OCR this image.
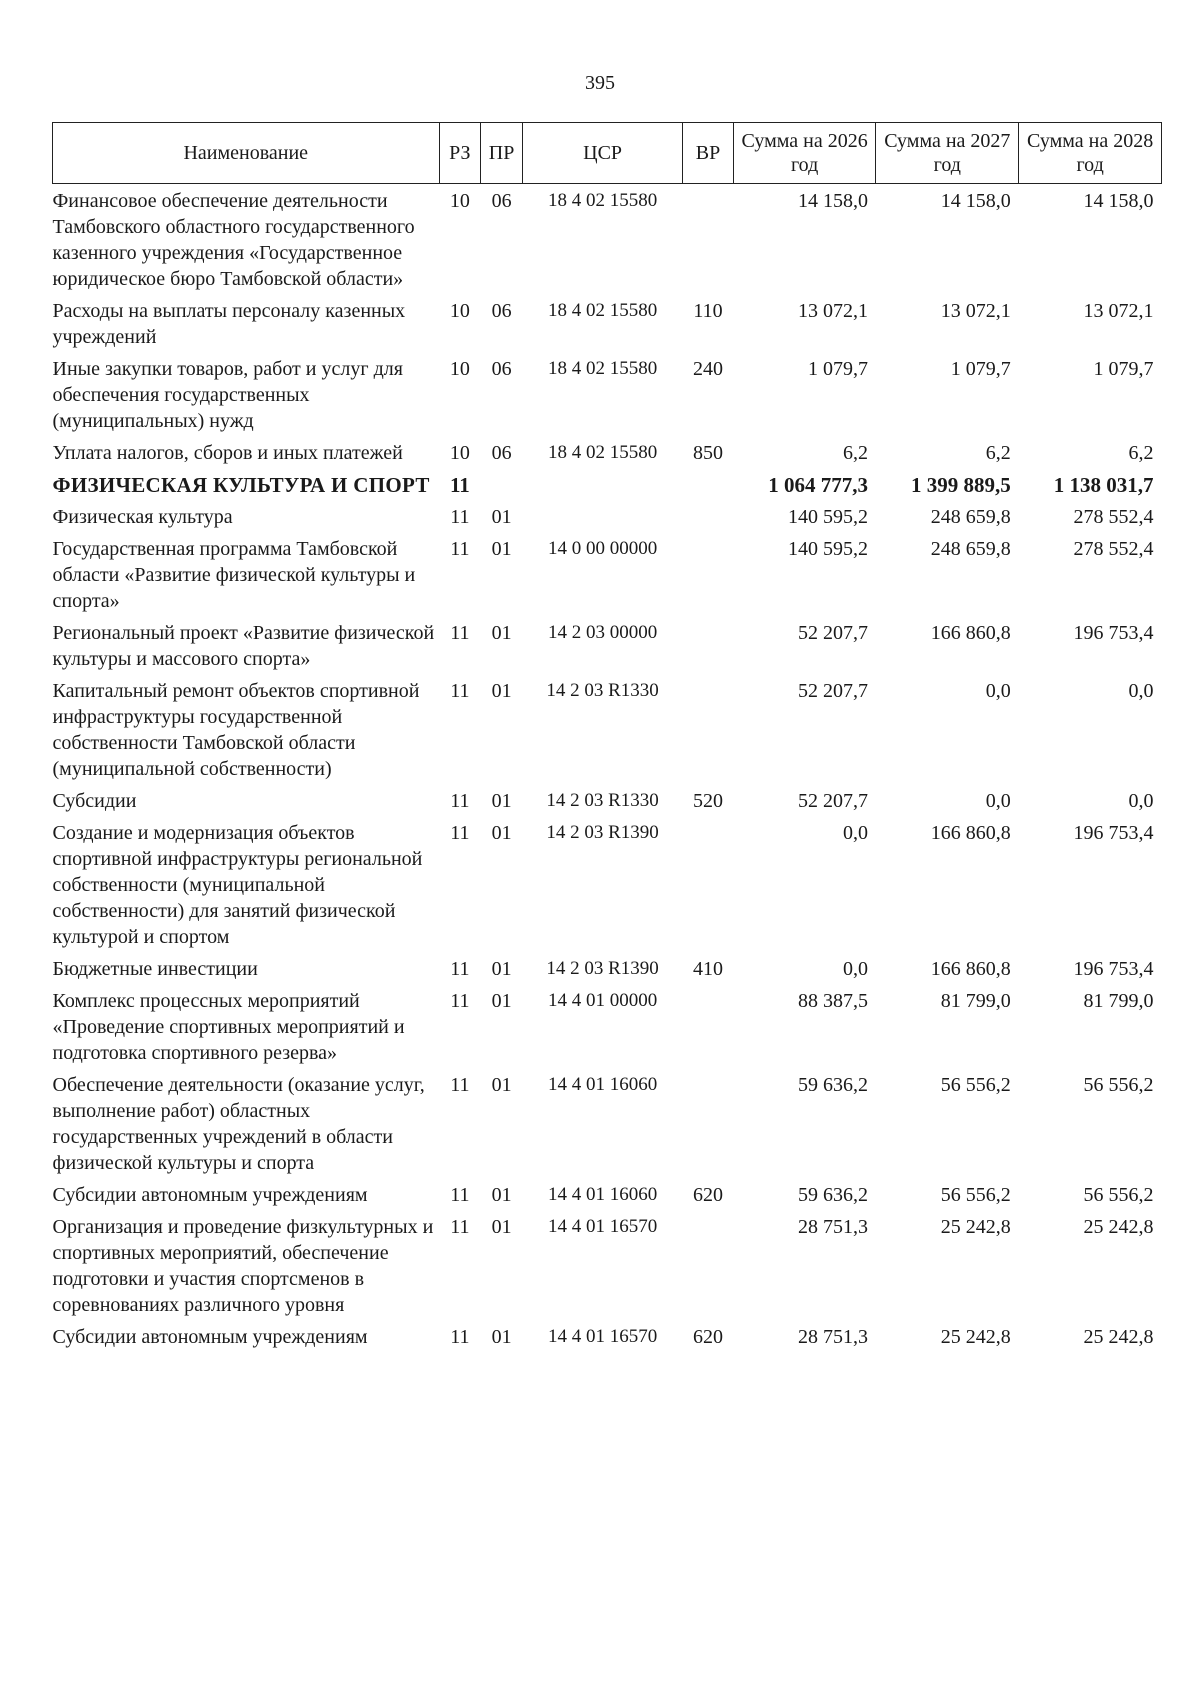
395
Наименование	РЗ	ПР	ЦСР	ВР	Сумма на 2026 год	Сумма на 2027 год	Сумма на 2028 год
Финансовое обеспечение деятельности Тамбовского областного государственного казенного учреждения «Государственное юридическое бюро Тамбовской области»	10	06	18 4 02 15580		14 158,0	14 158,0	14 158,0
Расходы на выплаты персоналу казенных учреждений	10	06	18 4 02 15580	110	13 072,1	13 072,1	13 072,1
Иные закупки товаров, работ и услуг для обеспечения государственных (муниципальных) нужд	10	06	18 4 02 15580	240	1 079,7	1 079,7	1 079,7
Уплата налогов, сборов и иных платежей	10	06	18 4 02 15580	850	6,2	6,2	6,2
ФИЗИЧЕСКАЯ КУЛЬТУРА И СПОРТ	11				1 064 777,3	1 399 889,5	1 138 031,7
Физическая культура	11	01			140 595,2	248 659,8	278 552,4
Государственная программа Тамбовской области «Развитие физической культуры и спорта»	11	01	14 0 00 00000		140 595,2	248 659,8	278 552,4
Региональный проект «Развитие физической культуры и массового спорта»	11	01	14 2 03 00000		52 207,7	166 860,8	196 753,4
Капитальный ремонт объектов спортивной инфраструктуры государственной собственности Тамбовской области (муниципальной собственности)	11	01	14 2 03 R1330		52 207,7	0,0	0,0
Субсидии	11	01	14 2 03 R1330	520	52 207,7	0,0	0,0
Создание и модернизация объектов спортивной инфраструктуры региональной собственности (муниципальной собственности) для занятий физической культурой и спортом	11	01	14 2 03 R1390		0,0	166 860,8	196 753,4
Бюджетные инвестиции	11	01	14 2 03 R1390	410	0,0	166 860,8	196 753,4
Комплекс процессных мероприятий «Проведение спортивных мероприятий и подготовка спортивного резерва»	11	01	14 4 01 00000		88 387,5	81 799,0	81 799,0
Обеспечение деятельности (оказание услуг, выполнение работ) областных государственных учреждений в области физической культуры и спорта	11	01	14 4 01 16060		59 636,2	56 556,2	56 556,2
Субсидии автономным учреждениям	11	01	14 4 01 16060	620	59 636,2	56 556,2	56 556,2
Организация и проведение физкультурных и спортивных мероприятий, обеспечение подготовки и участия спортсменов в соревнованиях различного уровня	11	01	14 4 01 16570		28 751,3	25 242,8	25 242,8
Субсидии автономным учреждениям	11	01	14 4 01 16570	620	28 751,3	25 242,8	25 242,8
